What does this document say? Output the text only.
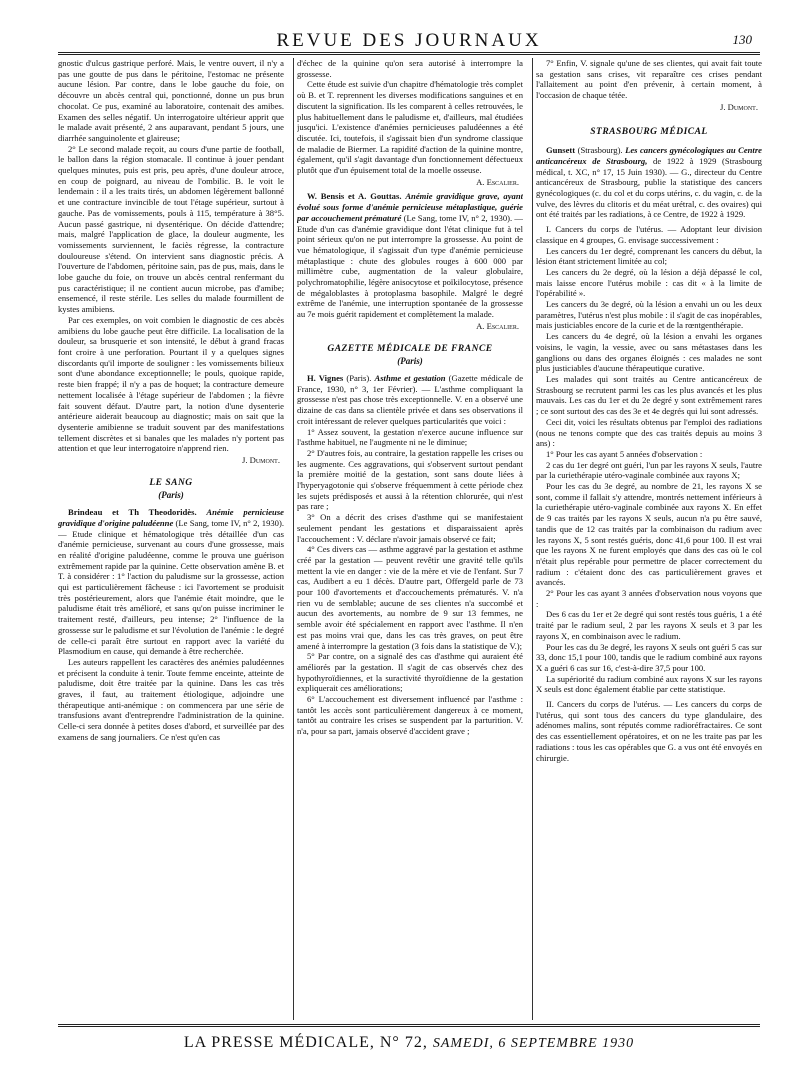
REVUE DES JOURNAUX	130

gnostic d'ulcus gastrique perforé. Mais, le ventre ouvert, il n'y a pas une goutte de pus dans le péritoine, l'estomac ne présente aucune lésion. Par contre, dans le lobe gauche du foie, on découvre un abcès central qui, ponctionné, donne un pus brun chocolat. Ce pus, examiné au laboratoire, contenait des amibes. Examen des selles négatif. Un interrogatoire ultérieur apprit que le malade avait présenté, 2 ans auparavant, pendant 5 jours, une diarrhée sanguinolente et glaireuse;

2° Le second malade reçoit, au cours d'une partie de football, le ballon dans la région stomacale. Il continue à jouer pendant quelques minutes, puis est pris, peu après, d'une douleur atroce, en coup de poignard, au niveau de l'ombilic. B. le voit le lendemain : il a les traits tirés, un abdomen légèrement ballonné et une contracture invincible de tout l'étage supérieur, surtout à gauche. Pas de vomissements, pouls à 115, température à 38°5. Aucun passé gastrique, ni dysentérique. On décide d'attendre; mais, malgré l'application de glace, la douleur augmente, les vomissements surviennent, le faciès régresse, la contracture douloureuse s'étend. On intervient sans diagnostic précis. A l'ouverture de l'abdomen, péritoine sain, pas de pus, mais, dans le lobe gauche du foie, on trouve un abcès central renfermant du pus caractéristique; il ne contient aucun microbe, pas d'amibe; ensemencé, il reste stérile. Les selles du malade fourmillent de kystes amibiens.

Par ces exemples, on voit combien le diagnostic de ces abcès amibiens du lobe gauche peut être difficile. La localisation de la douleur, sa brusquerie et son intensité, le début à grand fracas font croire à une perforation. Pourtant il y a quelques signes discordants qu'il importe de souligner : les vomissements bilieux sont d'une abondance exceptionnelle; le pouls, quoique rapide, reste bien frappé; il n'y a pas de hoquet; la contracture demeure nettement localisée à l'étage supérieur de l'abdomen ; la fièvre fait souvent défaut. D'autre part, la notion d'une dysenterie antérieure aiderait beaucoup au diagnostic; mais on sait que la dysenterie amibienne se traduit souvent par des manifestations tellement discrètes et si banales que les malades n'y portent pas attention et que leur interrogatoire n'apprend rien.

J. Dumont.
LE SANG
(Paris)

Brindeau et Th Theodoridès. Anémie pernicieuse gravidique d'origine paludéenne (Le Sang, tome IV, n° 2, 1930). — Etude clinique et hématologique très détaillée d'un cas d'anémie pernicieuse, survenant au cours d'une grossesse, mais en réalité d'origine paludéenne, comme le prouva une guérison extrêmement rapide par la quinine. Cette observation amène B. et T. à considérer : 1° l'action du paludisme sur la grossesse, action qui est particulièrement fâcheuse : ici l'avortement se produisit très postérieurement, alors que l'anémie était moindre, que le paludisme était très amélioré, et sans qu'on puisse incriminer le traitement resté, d'ailleurs, peu intense; 2° l'influence de la grossesse sur le paludisme et sur l'évolution de l'anémie : le degré de celle-ci paraît être surtout en rapport avec la variété du Plasmodium en cause, qui demande à être recherchée.

Les auteurs rappellent les caractères des anémies paludéennes et précisent la conduite à tenir. Toute femme enceinte, atteinte de paludisme, doit être traitée par la quinine. Dans les cas très graves, il faut, au traitement étiologique, adjoindre une thérapeutique anti-anémique : on commencera par une série de transfusions avant d'entreprendre l'administration de la quinine. Celle-ci sera donnée à petites doses d'abord, et surveillée par des examens de sang journaliers. Ce n'est qu'en cas

d'échec de la quinine qu'on sera autorisé à interrompre la grossesse.

Cette étude est suivie d'un chapitre d'hématologie très complet où B. et T. reprennent les diverses modifications sanguines et en discutent la signification. Ils les comparent à celles retrouvées, le plus habituellement dans le paludisme et, d'ailleurs, mal étudiées jusqu'ici. L'existence d'anémies pernicieuses paludéennes a été discutée. Ici, toutefois, il s'agissait bien d'un syndrome classique de maladie de Biermer. La rapidité d'action de la quinine montre, également, qu'il s'agit davantage d'un fonctionnement défectueux plutôt que d'un épuisement total de la moelle osseuse.

A. Escalier.

W. Bensis et A. Gouttas. Anémie gravidique grave, ayant évolué sous forme d'anémie pernicieuse métaplastique, guérie par accouchement prématuré (Le Sang, tome IV, n° 2, 1930). — Etude d'un cas d'anémie gravidique dont l'état clinique fut à tel point sérieux qu'on ne put interrompre la grossesse. Au point de vue hématologique, il s'agissait d'un type d'anémie pernicieuse métaplastique : chute des globules rouges à 600 000 par millimètre cube, augmentation de la valeur globulaire, polychromatophilie, légère anisocytose et poïkilocytose, présence de mégaloblastes à protoplasma basophile. Malgré le degré extrême de l'anémie, une interruption spontanée de la grossesse au 7e mois guérit rapidement et complètement la malade.

A. Escalier.
GAZETTE MÉDICALE DE FRANCE
(Paris)

H. Vignes (Paris). Asthme et gestation (Gazette médicale de France, 1930, n° 3, 1er Février). — L'asthme compliquant la grossesse n'est pas chose très exceptionnelle. V. en a observé une dizaine de cas dans sa clientèle privée et dans ses observations il croit intéressant de relever quelques particularités que voici :

1° Assez souvent, la gestation n'exerce aucune influence sur l'asthme habituel, ne l'augmente ni ne le diminue;

2° D'autres fois, au contraire, la gestation rappelle les crises ou les augmente. Ces aggravations, qui s'observent surtout pendant la première moitié de la gestation, sont sans doute liées à l'hyperyagotonie qui s'observe fréquemment à cette période chez les sujets prédisposés et aussi à la rétention chlorurée, qui n'est pas rare ;

3° On a décrit des crises d'asthme qui se manifestaient seulement pendant les gestations et disparaissaient après l'accouchement : V. déclare n'avoir jamais observé ce fait;

4° Ces divers cas — asthme aggravé par la gestation et asthme créé par la gestation — peuvent revêtir une gravité telle qu'ils mettent la vie en danger : vie de la mère et vie de l'enfant. Sur 7 cas, Audibert a eu 1 décès. D'autre part, Offergeld parle de 73 pour 100 d'avortements et d'accouchements prématurés. V. n'a rien vu de semblable; aucune de ses clientes n'a succombé et aucun des avortements, au nombre de 9 sur 13 femmes, ne semble avoir été spécialement en rapport avec l'asthme. Il n'en est pas moins vrai que, dans les cas très graves, on peut être amené à interrompre la gestation (3 fois dans la statistique de V.);

5° Par contre, on a signalé des cas d'asthme qui auraient été améliorés par la gestation. Il s'agit de cas observés chez des hypothyroïdiennes, et la suractivité thyroïdienne de la gestation expliquerait ces améliorations;

6° L'accouchement est diversement influencé par l'asthme : tantôt les accès sont particulièrement dangereux à ce moment, tantôt au contraire les crises se suspendent par la parturition. V. n'a, pour sa part, jamais observé d'accident grave ;

7° Enfin, V. signale qu'une de ses clientes, qui avait fait toute sa gestation sans crises, vit reparaître ces crises pendant l'allaitement au point d'en prévenir, à certain moment, à l'occasion de chaque tétée.

J. Dumont.
STRASBOURG MÉDICAL

Gunsett (Strasbourg). Les cancers gynécologiques au Centre anticancéreux de Strasbourg, de 1922 à 1929 (Strasbourg médical, t. XC, n° 17, 15 Juin 1930). — G., directeur du Centre anticancéreux de Strasbourg, publie la statistique des cancers gynécologiques (c. du col et du corps utérins, c. du vagin, c. de la vulve, des lèvres du clitoris et du méat urétral, c. des ovaires) qui ont été traités par les radiations, à ce Centre, de 1922 à 1929.

I. Cancers du corps de l'utérus. — Adoptant leur division classique en 4 groupes, G. envisage successivement :

Les cancers du 1er degré, comprenant les cancers du début, la lésion étant strictement limitée au col;

Les cancers du 2e degré, où la lésion a déjà dépassé le col, mais laisse encore l'utérus mobile : cas dit « à la limite de l'opérabilité ».

Les cancers du 3e degré, où la lésion a envahi un ou les deux paramètres, l'utérus n'est plus mobile : il s'agit de cas inopérables, mais justiciables encore de la curie et de la rœntgenthérapie.

Les cancers du 4e degré, où la lésion a envahi les organes voisins, le vagin, la vessie, avec ou sans métastases dans les ganglions ou dans des organes éloignés : ces malades ne sont plus justiciables d'aucune thérapeutique curative.

Les malades qui sont traités au Centre anticancéreux de Strasbourg se recrutent parmi les cas les plus avancés et les plus mauvais. Les cas du 1er et du 2e degré y sont extrêmement rares ; ce sont surtout des cas des 3e et 4e degrés qui lui sont adressés.

Ceci dit, voici les résultats obtenus par l'emploi des radiations (nous ne tenons compte que des cas traités depuis au moins 3 ans) :

1° Pour les cas ayant 5 années d'observation :

2 cas du 1er degré ont guéri, l'un par les rayons X seuls, l'autre par la curiethérapie utéro-vaginale combinée aux rayons X;

Pour les cas du 3e degré, au nombre de 21, les rayons X se sont, comme il fallait s'y attendre, montrés nettement inférieurs à la curiethérapie utéro-vaginale combinée aux rayons X. En effet de 9 cas traités par les rayons X seuls, aucun n'a pu être sauvé, tandis que de 12 cas traités par la combinaison du radium avec les rayons X, 5 sont restés guéris, donc 41,6 pour 100. Il est vrai que les rayons X ne furent employés que dans des cas où le col n'était plus repérable pour permettre de placer correctement du radium : c'étaient donc des cas particulièrement graves et avancés.

2° Pour les cas ayant 3 années d'observation nous voyons que :

Des 6 cas du 1er et 2e degré qui sont restés tous guéris, 1 a été traité par le radium seul, 2 par les rayons X seuls et 3 par les rayons X, en combinaison avec le radium.

Pour les cas du 3e degré, les rayons X seuls ont guéri 5 cas sur 33, donc 15,1 pour 100, tandis que le radium combiné aux rayons X a guéri 6 cas sur 16, c'est-à-dire 37,5 pour 100.

La supériorité du radium combiné aux rayons X sur les rayons X seuls est donc également établie par cette statistique.

II. Cancers du corps de l'utérus. — Les cancers du corps de l'utérus, qui sont tous des cancers du type glandulaire, des adénomes malins, sont réputés comme radioréfractaires. Ce sont des cas essentiellement opératoires, et on ne les traite pas par les radiations : tous les cas opérables que G. a vus ont été envoyés en chirurgie.

LA PRESSE MÉDICALE, N° 72, SAMEDI, 6 SEPTEMBRE 1930
